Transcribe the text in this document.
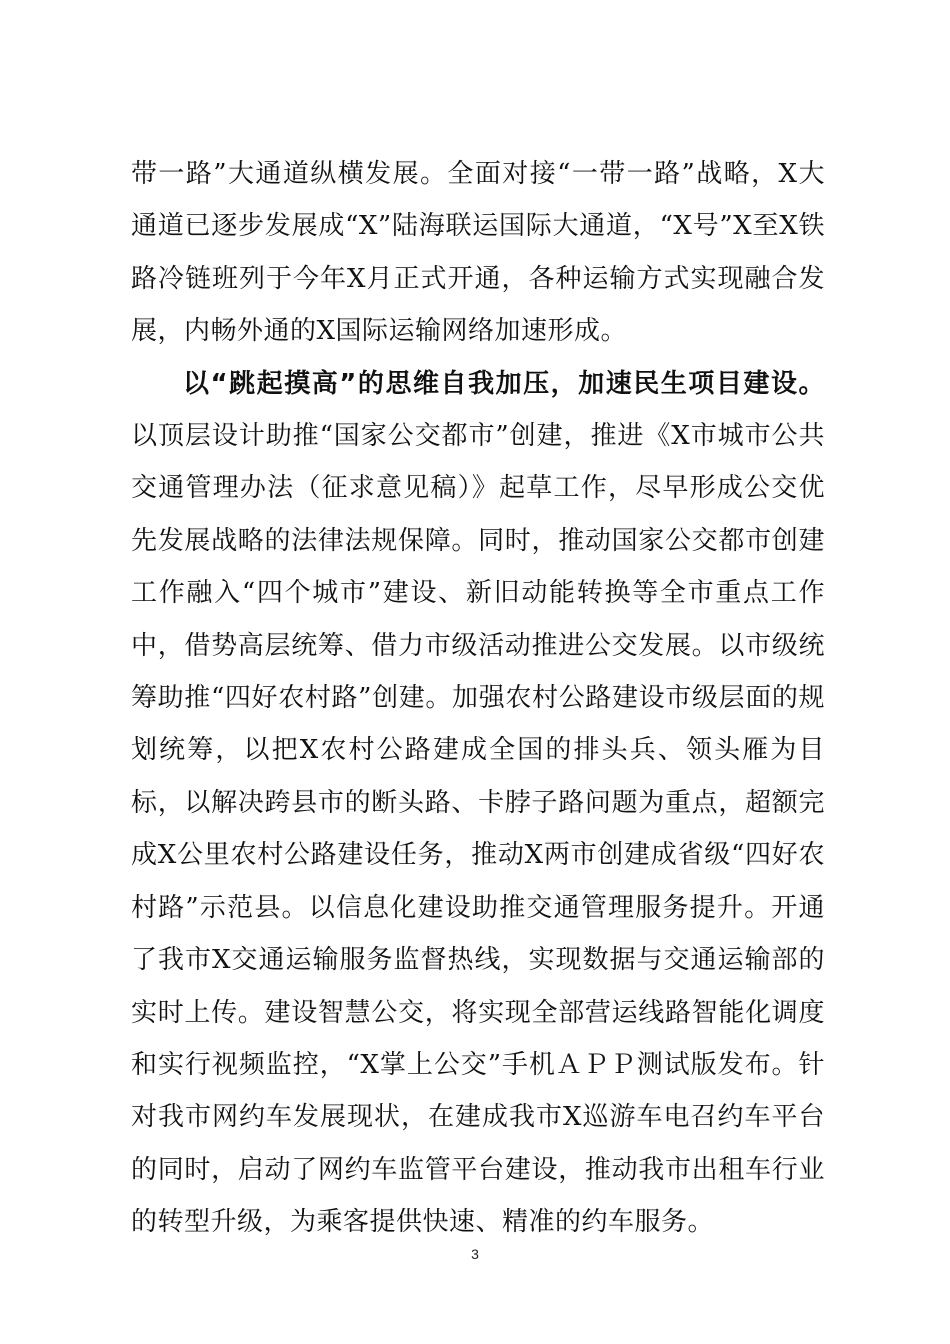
带一路”大通道纵横发展。全面对接“一带一路”战略，X大通道已逐步发展成“X”陆海联运国际大通道，“X号”X至X铁路冷链班列于今年X月正式开通，各种运输方式实现融合发展，内畅外通的X国际运输网络加速形成。

以“跳起摸高”的思维自我加压，加速民生项目建设。以顶层设计助推“国家公交都市”创建，推进《X市城市公共交通管理办法（征求意见稿）》起草工作，尽早形成公交优先发展战略的法律法规保障。同时，推动国家公交都市创建工作融入“四个城市”建设、新旧动能转换等全市重点工作中，借势高层统筹、借力市级活动推进公交发展。以市级统筹助推“四好农村路”创建。加强农村公路建设市级层面的规划统筹，以把X农村公路建成全国的排头兵、领头雁为目标，以解决跨县市的断头路、卡脖子路问题为重点，超额完成X公里农村公路建设任务，推动X两市创建成省级“四好农村路”示范县。以信息化建设助推交通管理服务提升。开通了我市X交通运输服务监督热线，实现数据与交通运输部的实时上传。建设智慧公交，将实现全部营运线路智能化调度和实行视频监控，“X掌上公交”手机ＡＰＰ测试版发布。针对我市网约车发展现状，在建成我市X巡游车电召约车平台的同时，启动了网约车监管平台建设，推动我市出租车行业的转型升级，为乘客提供快速、精准的约车服务。

3
